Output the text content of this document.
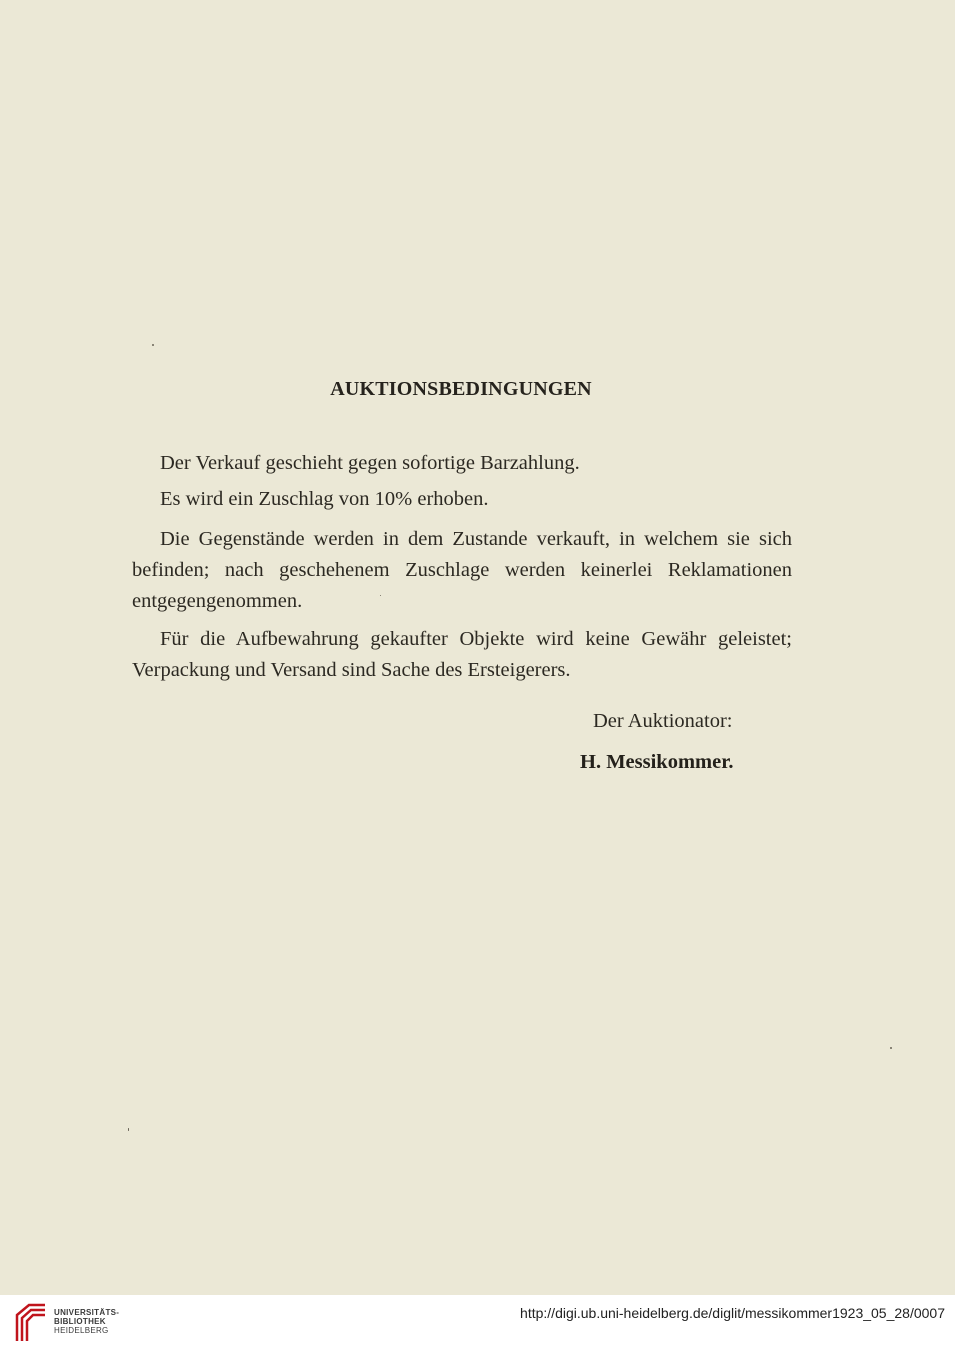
AUKTIONSBEDINGUNGEN
Der Verkauf geschieht gegen sofortige Barzahlung.
Es wird ein Zuschlag von 10% erhoben.
Die Gegenstände werden in dem Zustande verkauft, in welchem sie sich befinden; nach geschehenem Zuschlage werden keinerlei Reklamationen entgegengenommen.
Für die Aufbewahrung gekaufter Objekte wird keine Gewähr geleistet; Verpackung und Versand sind Sache des Ersteigerers.
Der Auktionator:
H. Messikommer.
UNIVERSITÄTS-
BIBLIOTHEK
HEIDELBERG
http://digi.ub.uni-heidelberg.de/diglit/messikommer1923_05_28/0007
